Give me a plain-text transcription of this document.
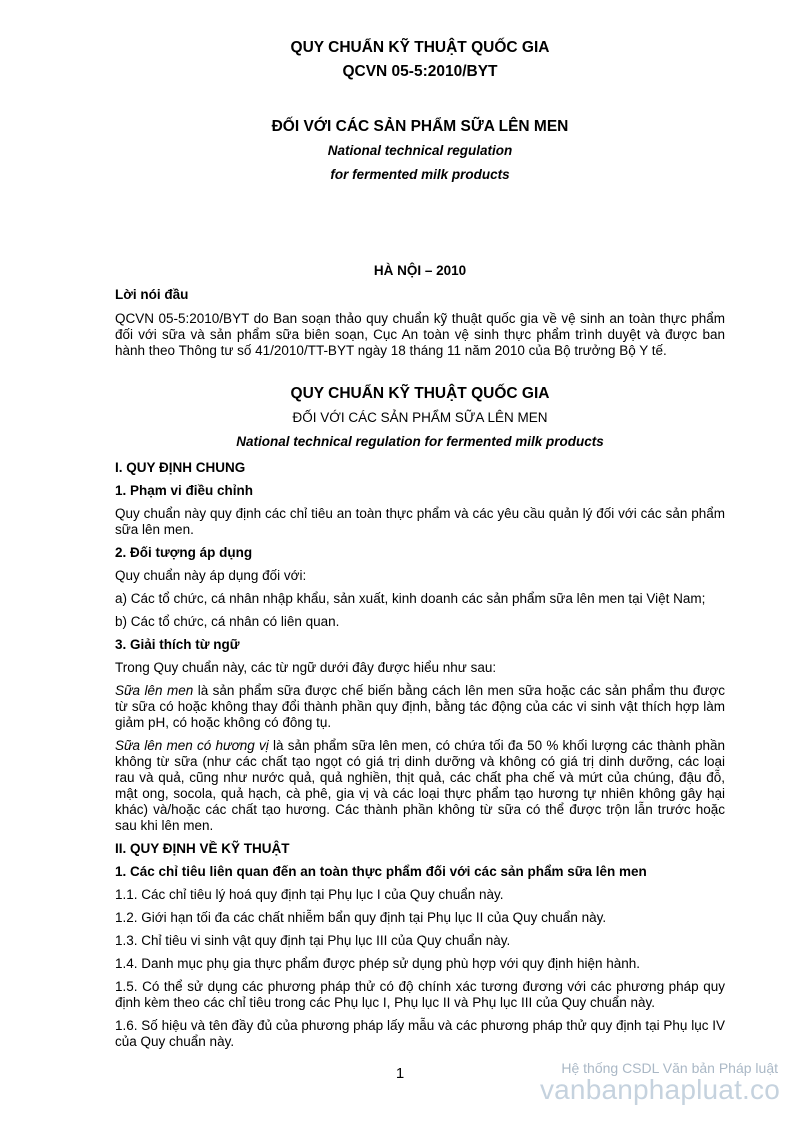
QUY CHUẨN KỸ THUẬT QUỐC GIA
QCVN 05-5:2010/BYT
ĐỐI VỚI CÁC SẢN PHẨM SỮA LÊN MEN
National technical regulation
for fermented milk products
HÀ NỘI – 2010
Lời nói đầu

QCVN 05-5:2010/BYT do Ban soạn thảo quy chuẩn kỹ thuật quốc gia về vệ sinh an toàn thực phẩm đối với sữa và sản phẩm sữa biên soạn, Cục An toàn vệ sinh thực phẩm trình duyệt và được ban hành theo Thông tư số 41/2010/TT-BYT ngày 18 tháng 11 năm 2010 của Bộ trưởng Bộ Y tế.

QUY CHUẨN KỸ THUẬT QUỐC GIA
ĐỐI VỚI CÁC SẢN PHẨM SỮA LÊN MEN
National technical regulation for fermented milk products

I. QUY ĐỊNH CHUNG

1. Phạm vi điều chỉnh

Quy chuẩn này quy định các chỉ tiêu an toàn thực phẩm và các yêu cầu quản lý đối với các sản phẩm sữa lên men.

2. Đối tượng áp dụng

Quy chuẩn này áp dụng đối với:

a) Các tổ chức, cá nhân nhập khẩu, sản xuất, kinh doanh các sản phẩm sữa lên men tại Việt Nam;

b) Các tổ chức, cá nhân có liên quan.

3. Giải thích từ ngữ

Trong Quy chuẩn này, các từ ngữ dưới đây được hiểu như sau:

Sữa lên men là sản phẩm sữa được chế biến bằng cách lên men sữa hoặc các sản phẩm thu được từ sữa có hoặc không thay đổi thành phần quy định, bằng tác động của các vi sinh vật thích hợp làm giảm pH, có hoặc không có đông tụ.

Sữa lên men có hương vị là sản phẩm sữa lên men, có chứa tối đa 50 % khối lượng các thành phần không từ sữa (như các chất tạo ngọt có giá trị dinh dưỡng và không có giá trị dinh dưỡng, các loại rau và quả, cũng như nước quả, quả nghiền, thịt quả, các chất pha chế và mứt của chúng, đậu đỗ, mật ong, socola, quả hạch, cà phê, gia vị và các loại thực phẩm tạo hương tự nhiên không gây hại khác) và/hoặc các chất tạo hương. Các thành phần không từ sữa có thể được trộn lẫn trước hoặc sau khi lên men.

II. QUY ĐỊNH VỀ KỸ THUẬT

1. Các chỉ tiêu liên quan đến an toàn thực phẩm đối với các sản phẩm sữa lên men

1.1. Các chỉ tiêu lý hoá quy định tại Phụ lục I của Quy chuẩn này.

1.2. Giới hạn tối đa các chất nhiễm bẩn quy định tại Phụ lục II của Quy chuẩn này.

1.3. Chỉ tiêu vi sinh vật quy định tại Phụ lục III của Quy chuẩn này.

1.4. Danh mục phụ gia thực phẩm được phép sử dụng phù hợp với quy định hiện hành.

1.5. Có thể sử dụng các phương pháp thử có độ chính xác tương đương với các phương pháp quy định kèm theo các chỉ tiêu trong các Phụ lục I, Phụ lục II và Phụ lục III của Quy chuẩn này.

1.6. Số hiệu và tên đầy đủ của phương pháp lấy mẫu và các phương pháp thử quy định tại Phụ lục IV của Quy chuẩn này.

1	Hệ thống CSDL Văn bản Pháp luật
vanbanphapluat.co
